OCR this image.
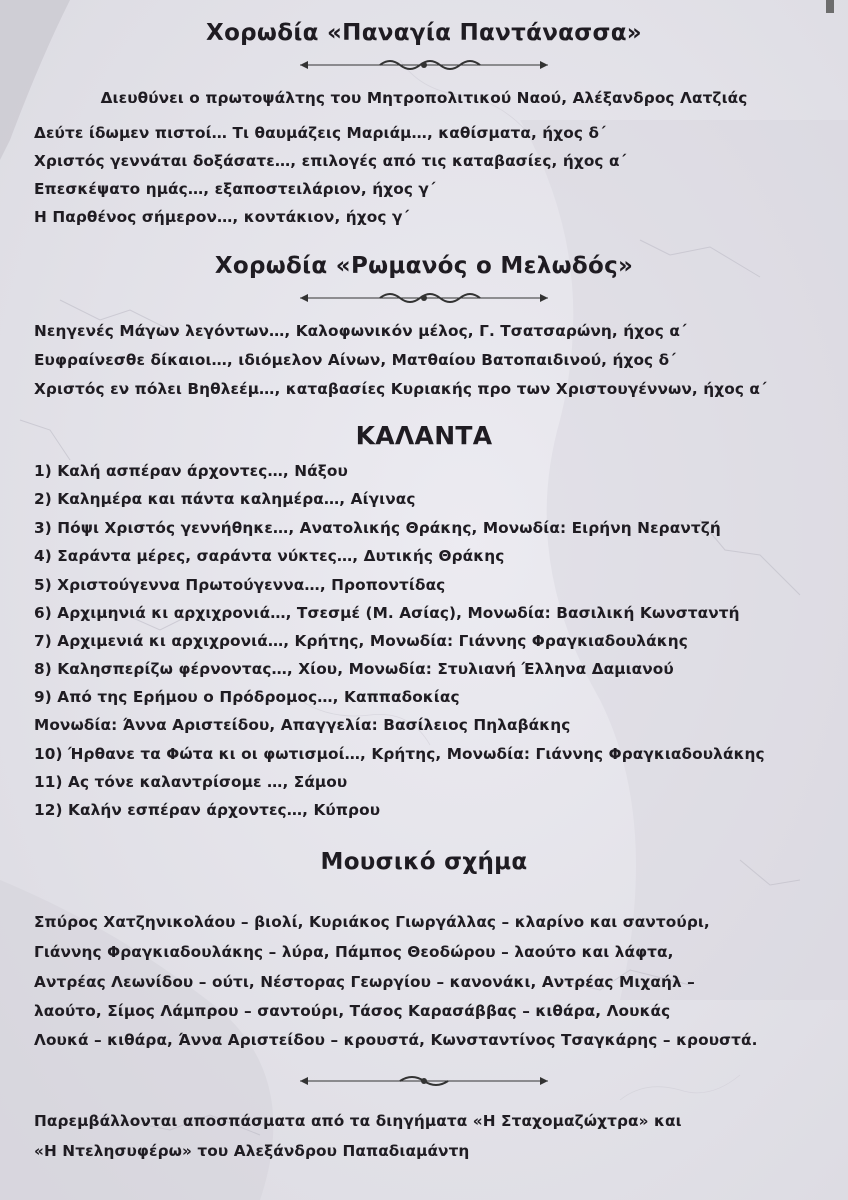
Χορωδία «Παναγία Παντάνασσα»
Διευθύνει ο πρωτοψάλτης του Μητροπολιτικού Ναού, Αλέξανδρος Λατζιάς
Δεύτε ίδωμεν πιστοί… Τι θαυμάζεις Μαριάμ…, καθίσματα, ήχος δ΄
Χριστός γεννάται δοξάσατε…, επιλογές από τις καταβασίες, ήχος α΄
Επεσκέψατο ημάς…, εξαποστειλάριον, ήχος γ΄
Η Παρθένος σήμερον…, κοντάκιον, ήχος γ΄
Χορωδία «Ρωμανός ο Μελωδός»
Νεηγενές Μάγων λεγόντων…, Καλοφωνικόν μέλος, Γ. Τσατσαρώνη, ήχος α΄
Ευφραίνεσθε δίκαιοι…, ιδιόμελον Αίνων, Ματθαίου Βατοπαιδινού, ήχος δ΄
Χριστός εν πόλει Βηθλεέμ…, καταβασίες Κυριακής προ των Χριστουγέννων, ήχος α΄
ΚΑΛΑΝΤΑ
1) Καλή ασπέραν άρχοντες…, Νάξου
2) Καλημέρα και πάντα καλημέρα…, Αίγινας
3) Πόψι Χριστός γεννήθηκε…, Ανατολικής Θράκης, Μονωδία: Ειρήνη Νεραντζή
4) Σαράντα μέρες, σαράντα νύκτες…, Δυτικής Θράκης
5) Χριστούγεννα Πρωτούγεννα…, Προποντίδας
6) Αρχιμηνιά κι αρχιχρονιά…, Τσεσμέ (Μ. Ασίας), Μονωδία: Βασιλική Κωνσταντή
7) Αρχιμενιά κι αρχιχρονιά…, Κρήτης, Μονωδία: Γιάννης Φραγκιαδουλάκης
8) Καλησπερίζω φέρνοντας…, Χίου, Μονωδία: Στυλιανή Έλληνα Δαμιανού
9) Από της Ερήμου ο Πρόδρομος…, Καππαδοκίας
Μονωδία: Άννα Αριστείδου, Απαγγελία: Βασίλειος Πηλαβάκης
10) Ήρθανε τα Φώτα κι οι φωτισμοί…, Κρήτης, Μονωδία: Γιάννης Φραγκιαδουλάκης
11) Ας τόνε καλαντρίσομε …, Σάμου
12) Καλήν εσπέραν άρχοντες…, Κύπρου
Μουσικό σχήμα
Σπύρος Χατζηνικολάου – βιολί, Κυριάκος Γιωργάλλας – κλαρίνο και σαντούρι,
Γιάννης Φραγκιαδουλάκης – λύρα, Πάμπος Θεοδώρου – λαούτο και λάφτα,
Αντρέας Λεωνίδου – ούτι, Νέστορας Γεωργίου – κανονάκι, Αντρέας Μιχαήλ –
λαούτο, Σίμος Λάμπρου – σαντούρι, Τάσος Καρασάββας – κιθάρα, Λουκάς
Λουκά – κιθάρα, Άννα Αριστείδου – κρουστά, Κωνσταντίνος Τσαγκάρης – κρουστά.
Παρεμβάλλονται αποσπάσματα από τα διηγήματα «Η Σταχομαζώχτρα» και
«Η Ντελησυφέρω» του Αλεξάνδρου Παπαδιαμάντη
